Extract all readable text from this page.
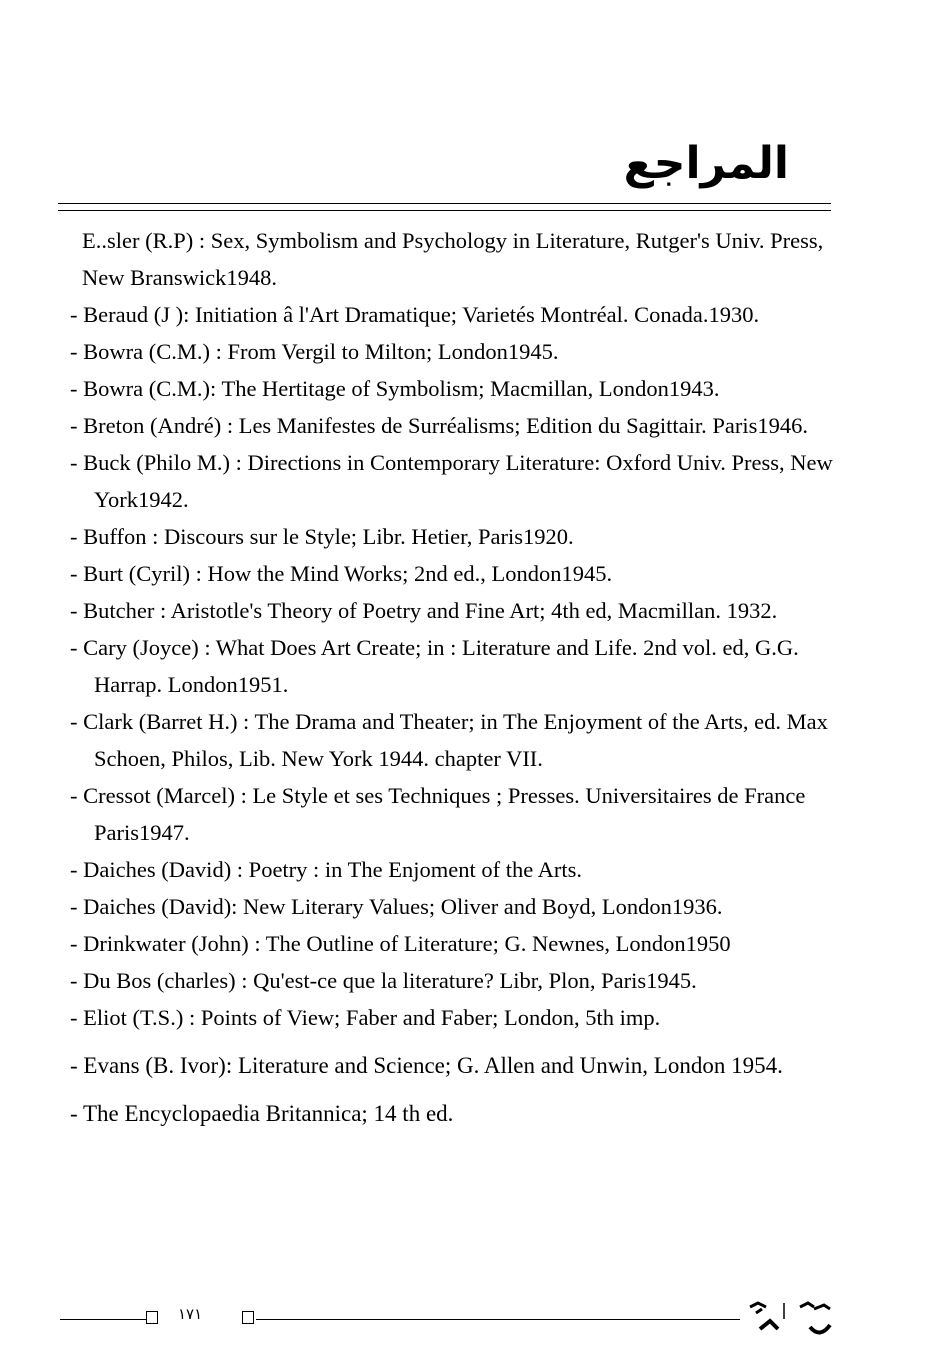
المراجع
E..sler (R.P) : Sex, Symbolism and Psychology in Literature, Rutger's Univ. Press, New Branswick1948.
- Beraud (J ): Initiation â l'Art Dramatique; Varietés Montréal. Conada.1930.
- Bowra (C.M.) : From Vergil to Milton; London1945.
- Bowra (C.M.): The Hertitage of Symbolism; Macmillan, London1943.
- Breton (André) : Les Manifestes de Surréalisms; Edition du Sagittair. Paris1946.
- Buck (Philo M.) : Directions in Contemporary Literature: Oxford Univ. Press, New York1942.
- Buffon : Discours sur le Style; Libr. Hetier, Paris1920.
- Burt (Cyril) : How the Mind Works; 2nd ed., London1945.
- Butcher : Aristotle's Theory of Poetry and Fine Art; 4th ed, Macmillan. 1932.
- Cary (Joyce) : What Does Art Create; in : Literature and Life. 2nd vol. ed, G.G. Harrap. London1951.
- Clark (Barret H.) : The Drama and Theater; in The Enjoyment of the Arts, ed. Max Schoen, Philos, Lib. New York 1944. chapter VII.
- Cressot (Marcel) : Le Style et ses Techniques ; Presses. Universitaires de France Paris1947.
- Daiches (David) : Poetry : in The Enjoment of the Arts.
- Daiches (David): New Literary Values; Oliver and Boyd, London1936.
- Drinkwater (John) : The Outline of Literature; G. Newnes, London1950
- Du Bos (charles) : Qu'est-ce que la literature? Libr, Plon, Paris1945.
- Eliot (T.S.) : Points of View; Faber and Faber; London, 5th imp.
- Evans (B. Ivor): Literature and Science; G. Allen and Unwin, London 1954.
- The Encyclopaedia Britannica; 14 th ed.
١٧١
